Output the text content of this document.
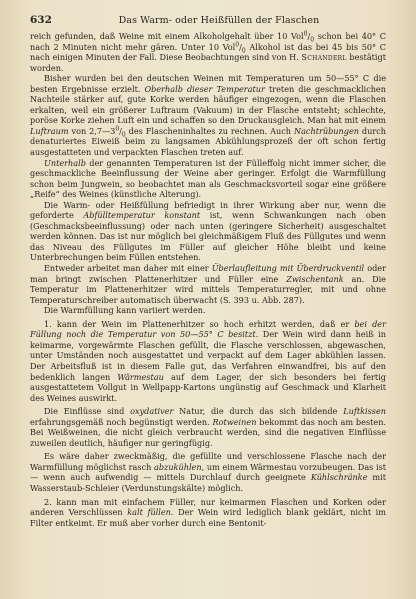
632	Das Warm- oder Heißfüllen der Flaschen

reich gefunden, daß Weine mit einem Alkoholgehalt über 10 $Vol^0/_0$ schon bei 40° C nach 2 Minuten nicht mehr gären. Unter 10 $Vol^0/_0$ Alkohol ist das bei 45 bis 50° C nach einigen Minuten der Fall. Diese Beobachtungen sind von H. Schanderl bestätigt worden.

Bisher wurden bei den deutschen Weinen mit Temperaturen um 50—55° C die besten Ergebnisse erzielt. Oberhalb dieser Temperatur treten die geschmacklichen Nachteile stärker auf, gute Korke werden häufiger eingezogen, wenn die Flaschen erkalten, weil ein größerer Luftraum (Vakuum) in der Flasche entsteht; schlechte, poröse Korke ziehen Luft ein und schaffen so den Druckausgleich. Man hat mit einem Luftraum von $2,7—3^0/_0$ des Flascheninhaltes zu rechnen. Auch Nachtrübungen durch denaturiertes Eiweiß beim zu langsamen Abkühlungsprozeß der oft schon fertig ausgestatteten und verpackten Flaschen treten auf.

Unterhalb der genannten Temperaturen ist der Fülleffolg nicht immer sicher, die geschmackliche Beeinflussung der Weine aber geringer. Erfolgt die Warmfüllung schon beim Jungwein, so beobachtet man als Geschmacksvorteil sogar eine größere „Reife“ des Weines (künstliche Alterung).

Die Warm- oder Heißfüllung befriedigt in ihrer Wirkung aber nur, wenn die geforderte Abfülltemperatur konstant ist, wenn Schwankungen nach oben (Geschmacksbeeinflussung) oder nach unten (geringere Sicherheit) ausgeschaltet werden können. Das ist nur möglich bei gleichmäßigem Fluß des Füllgutes und wenn das Niveau des Füllgutes im Füller auf gleicher Höhe bleibt und keine Unterbrechungen beim Füllen entstehen.

Entweder arbeitet man daher mit einer Überlaufleitung mit Überdruckventil oder man bringt zwischen Plattenerhitzer und Füller eine Zwischentank an. Die Temperatur im Plattenerhitzer wird mittels Temperaturregler, mit und ohne Temperaturschreiber automatisch überwacht (S. 393 u. Abb. 287).

Die Warmfüllung kann variiert werden.

1. kann der Wein im Plattenerhitzer so hoch erhitzt werden, daß er bei der Füllung noch die Temperatur von 50—55° C besitzt. Der Wein wird dann heiß in keimarme, vorgewärmte Flaschen gefüllt, die Flasche verschlossen, abgewaschen, unter Umständen noch ausgestattet und verpackt auf dem Lager abkühlen lassen. Der Arbeitsfluß ist in diesem Falle gut, das Verfahren einwandfrei, bis auf den bedenklich langen Wärmestau auf dem Lager, der sich besonders bei fertig ausgestattetem Vollgut in Wellpapp-Kartons ungünstig auf Geschmack und Klarheit des Weines auswirkt.

Die Einflüsse sind oxydativer Natur, die durch das sich bildende Luftkissen erfahrungsgemäß noch begünstigt werden. Rotweinen bekommt das noch am besten. Bei Weißweinen, die nicht gleich verbraucht werden, sind die negativen Einflüsse zuweilen deutlich, häufiger nur geringfügig.

Es wäre daher zweckmäßig, die gefüllte und verschlossene Flasche nach der Warmfüllung möglichst rasch abzukühlen, um einem Wärmestau vorzubeugen. Das ist — wenn auch aufwendig — mittels Durchlauf durch geeignete Kühlschränke mit Wasserstaub-Schleier (Verdunstungskälte) möglich.

2. kann man mit einfachem Füller, nur keimarmen Flaschen und Korken oder anderen Verschlüssen kalt füllen. Der Wein wird lediglich blank geklärt, nicht im Filter entkeimt. Er muß aber vorher durch eine Bentonit-
